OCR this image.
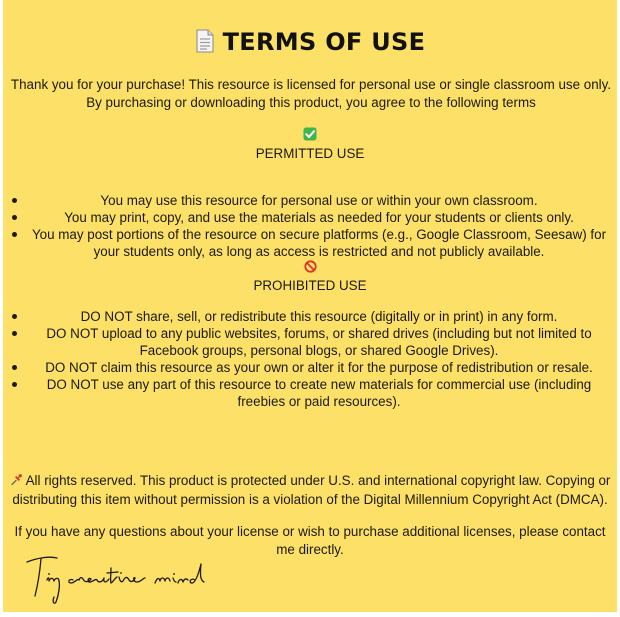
TERMS OF USE
Thank you for your purchase! This resource is licensed for personal use or single classroom use only. By purchasing or downloading this product, you agree to the following terms
PERMITTED USE
You may use this resource for personal use or within your own classroom.
You may print, copy, and use the materials as needed for your students or clients only.
You may post portions of the resource on secure platforms (e.g., Google Classroom, Seesaw) for your students only, as long as access is restricted and not publicly available.
PROHIBITED USE
DO NOT share, sell, or redistribute this resource (digitally or in print) in any form.
DO NOT upload to any public websites, forums, or shared drives (including but not limited to Facebook groups, personal blogs, or shared Google Drives).
DO NOT claim this resource as your own or alter it for the purpose of redistribution or resale.
DO NOT use any part of this resource to create new materials for commercial use (including freebies or paid resources).
All rights reserved. This product is protected under U.S. and international copyright law. Copying or distributing this item without permission is a violation of the Digital Millennium Copyright Act (DMCA).
If you have any questions about your license or wish to purchase additional licenses, please contact me directly.
